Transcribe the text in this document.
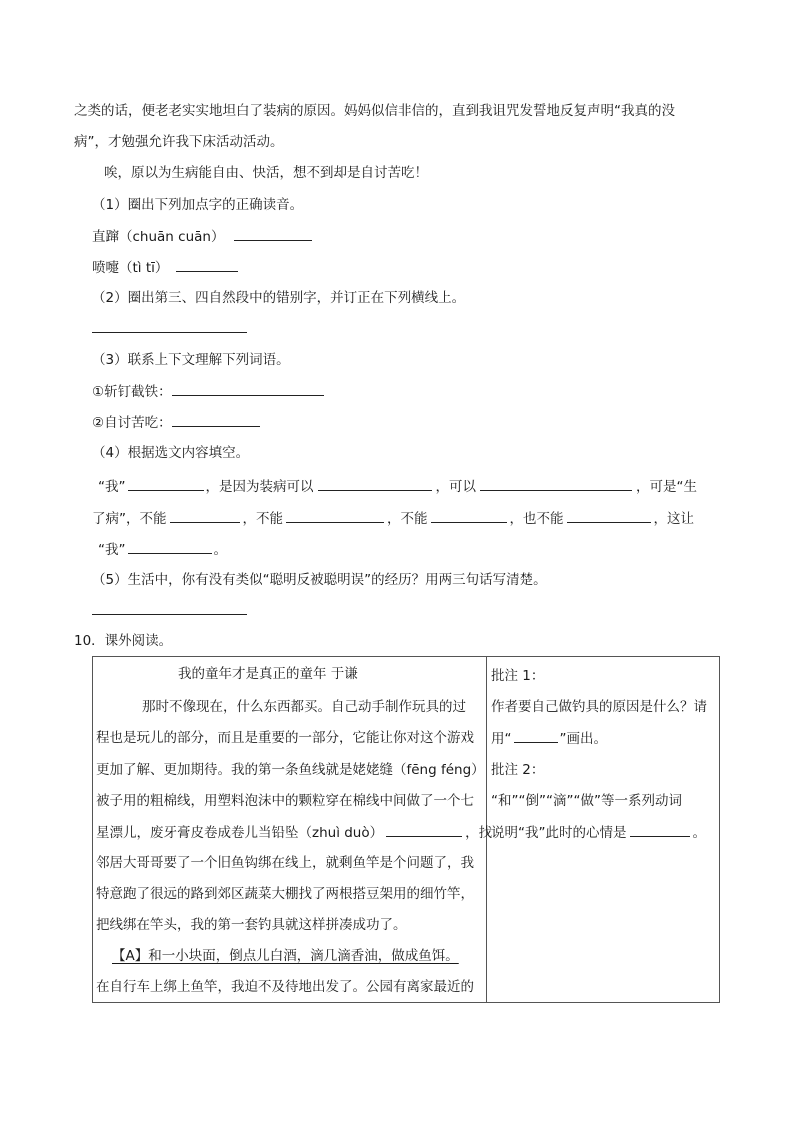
之类的话，便老老实实地坦白了装病的原因。妈妈似信非信的，直到我诅咒发誓地反复声明“我真的没
病”，才勉强允许我下床活动活动。
唉，原以为生病能自由、快活，想不到却是自讨苦吃！
（1）圈出下列加点字的正确读音。
直蹿（chuān cuān）
喷嚏（tì tī）
（2）圈出第三、四自然段中的错别字，并订正在下列横线上。
（3）联系上下文理解下列词语。
①斩钉截铁：
②自讨苦吃：
（4）根据选文内容填空。
“我”	，是因为装病可以	，可以	，可是“生
了病”，不能	，不能	，不能	，也不能	，这让
“我”	。
（5）生活中，你有没有类似“聪明反被聪明误”的经历？用两三句话写清楚。
10．课外阅读。
我的童年才是真正的童年 于谦
那时不像现在，什么东西都买。自己动手制作玩具的过
程也是玩儿的部分，而且是重要的一部分，它能让你对这个游戏
更加了解、更加期待。我的第一条鱼线就是姥姥缝（fēng féng）
被子用的粗棉线，用塑料泡沫中的颗粒穿在棉线中间做了一个七
星漂儿，废牙膏皮卷成卷儿当铅坠（zhuì duò）	，找
邻居大哥哥要了一个旧鱼钩绑在线上，就剩鱼竿是个问题了，我
特意跑了很远的路到郊区蔬菜大棚找了两根搭豆架用的细竹竿，
把线绑在竿头，我的第一套钓具就这样拼凑成功了。
【A】和一小块面，倒点儿白酒，滴几滴香油，做成鱼饵。
在自行车上绑上鱼竿，我迫不及待地出发了。公园有离家最近的
批注 1：
作者要自己做钓具的原因是什么？请
用“	”画出。
批注 2：
“和”“倒”“滴”“做”等一系列动词
说明“我”此时的心情是	。
